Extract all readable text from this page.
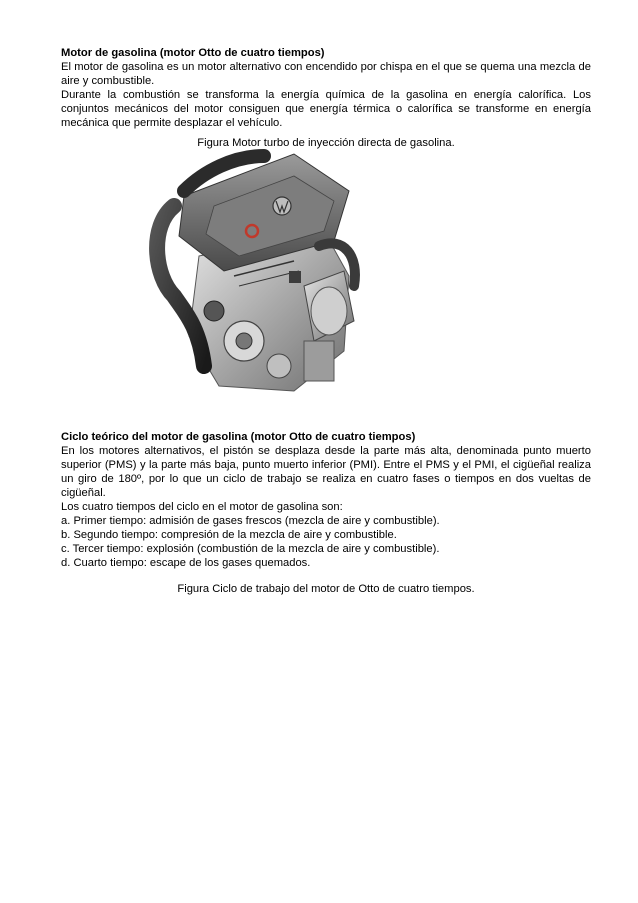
Motor de gasolina (motor Otto de cuatro tiempos)

El motor de gasolina es un motor alternativo con encendido por chispa en el que se quema una mezcla de aire y combustible.

Durante la combustión se transforma la energía química de la gasolina en energía calorífica. Los conjuntos mecánicos del motor consiguen que energía térmica o calorífica se transforme en energía mecánica que permite desplazar el vehículo.

Figura Motor turbo de inyección directa de gasolina.

Ciclo teórico del motor de gasolina (motor Otto de cuatro tiempos)

En los motores alternativos, el pistón se desplaza desde la parte más alta, denominada punto muerto superior (PMS) y la parte más baja, punto muerto inferior (PMI). Entre el PMS y el PMI, el cigüeñal realiza un giro de 180º, por lo que un ciclo de trabajo se realiza en cuatro fases o tiempos en dos vueltas de cigüeñal.

Los cuatro tiempos del ciclo en el motor de gasolina son:

a. Primer tiempo: admisión de gases frescos (mezcla de aire y combustible).

b. Segundo tiempo: compresión de la mezcla de aire y combustible.

c. Tercer tiempo: explosión (combustión de la mezcla de aire y combustible).

d. Cuarto tiempo: escape de los gases quemados.

Figura Ciclo de trabajo del motor de Otto de cuatro tiempos.
